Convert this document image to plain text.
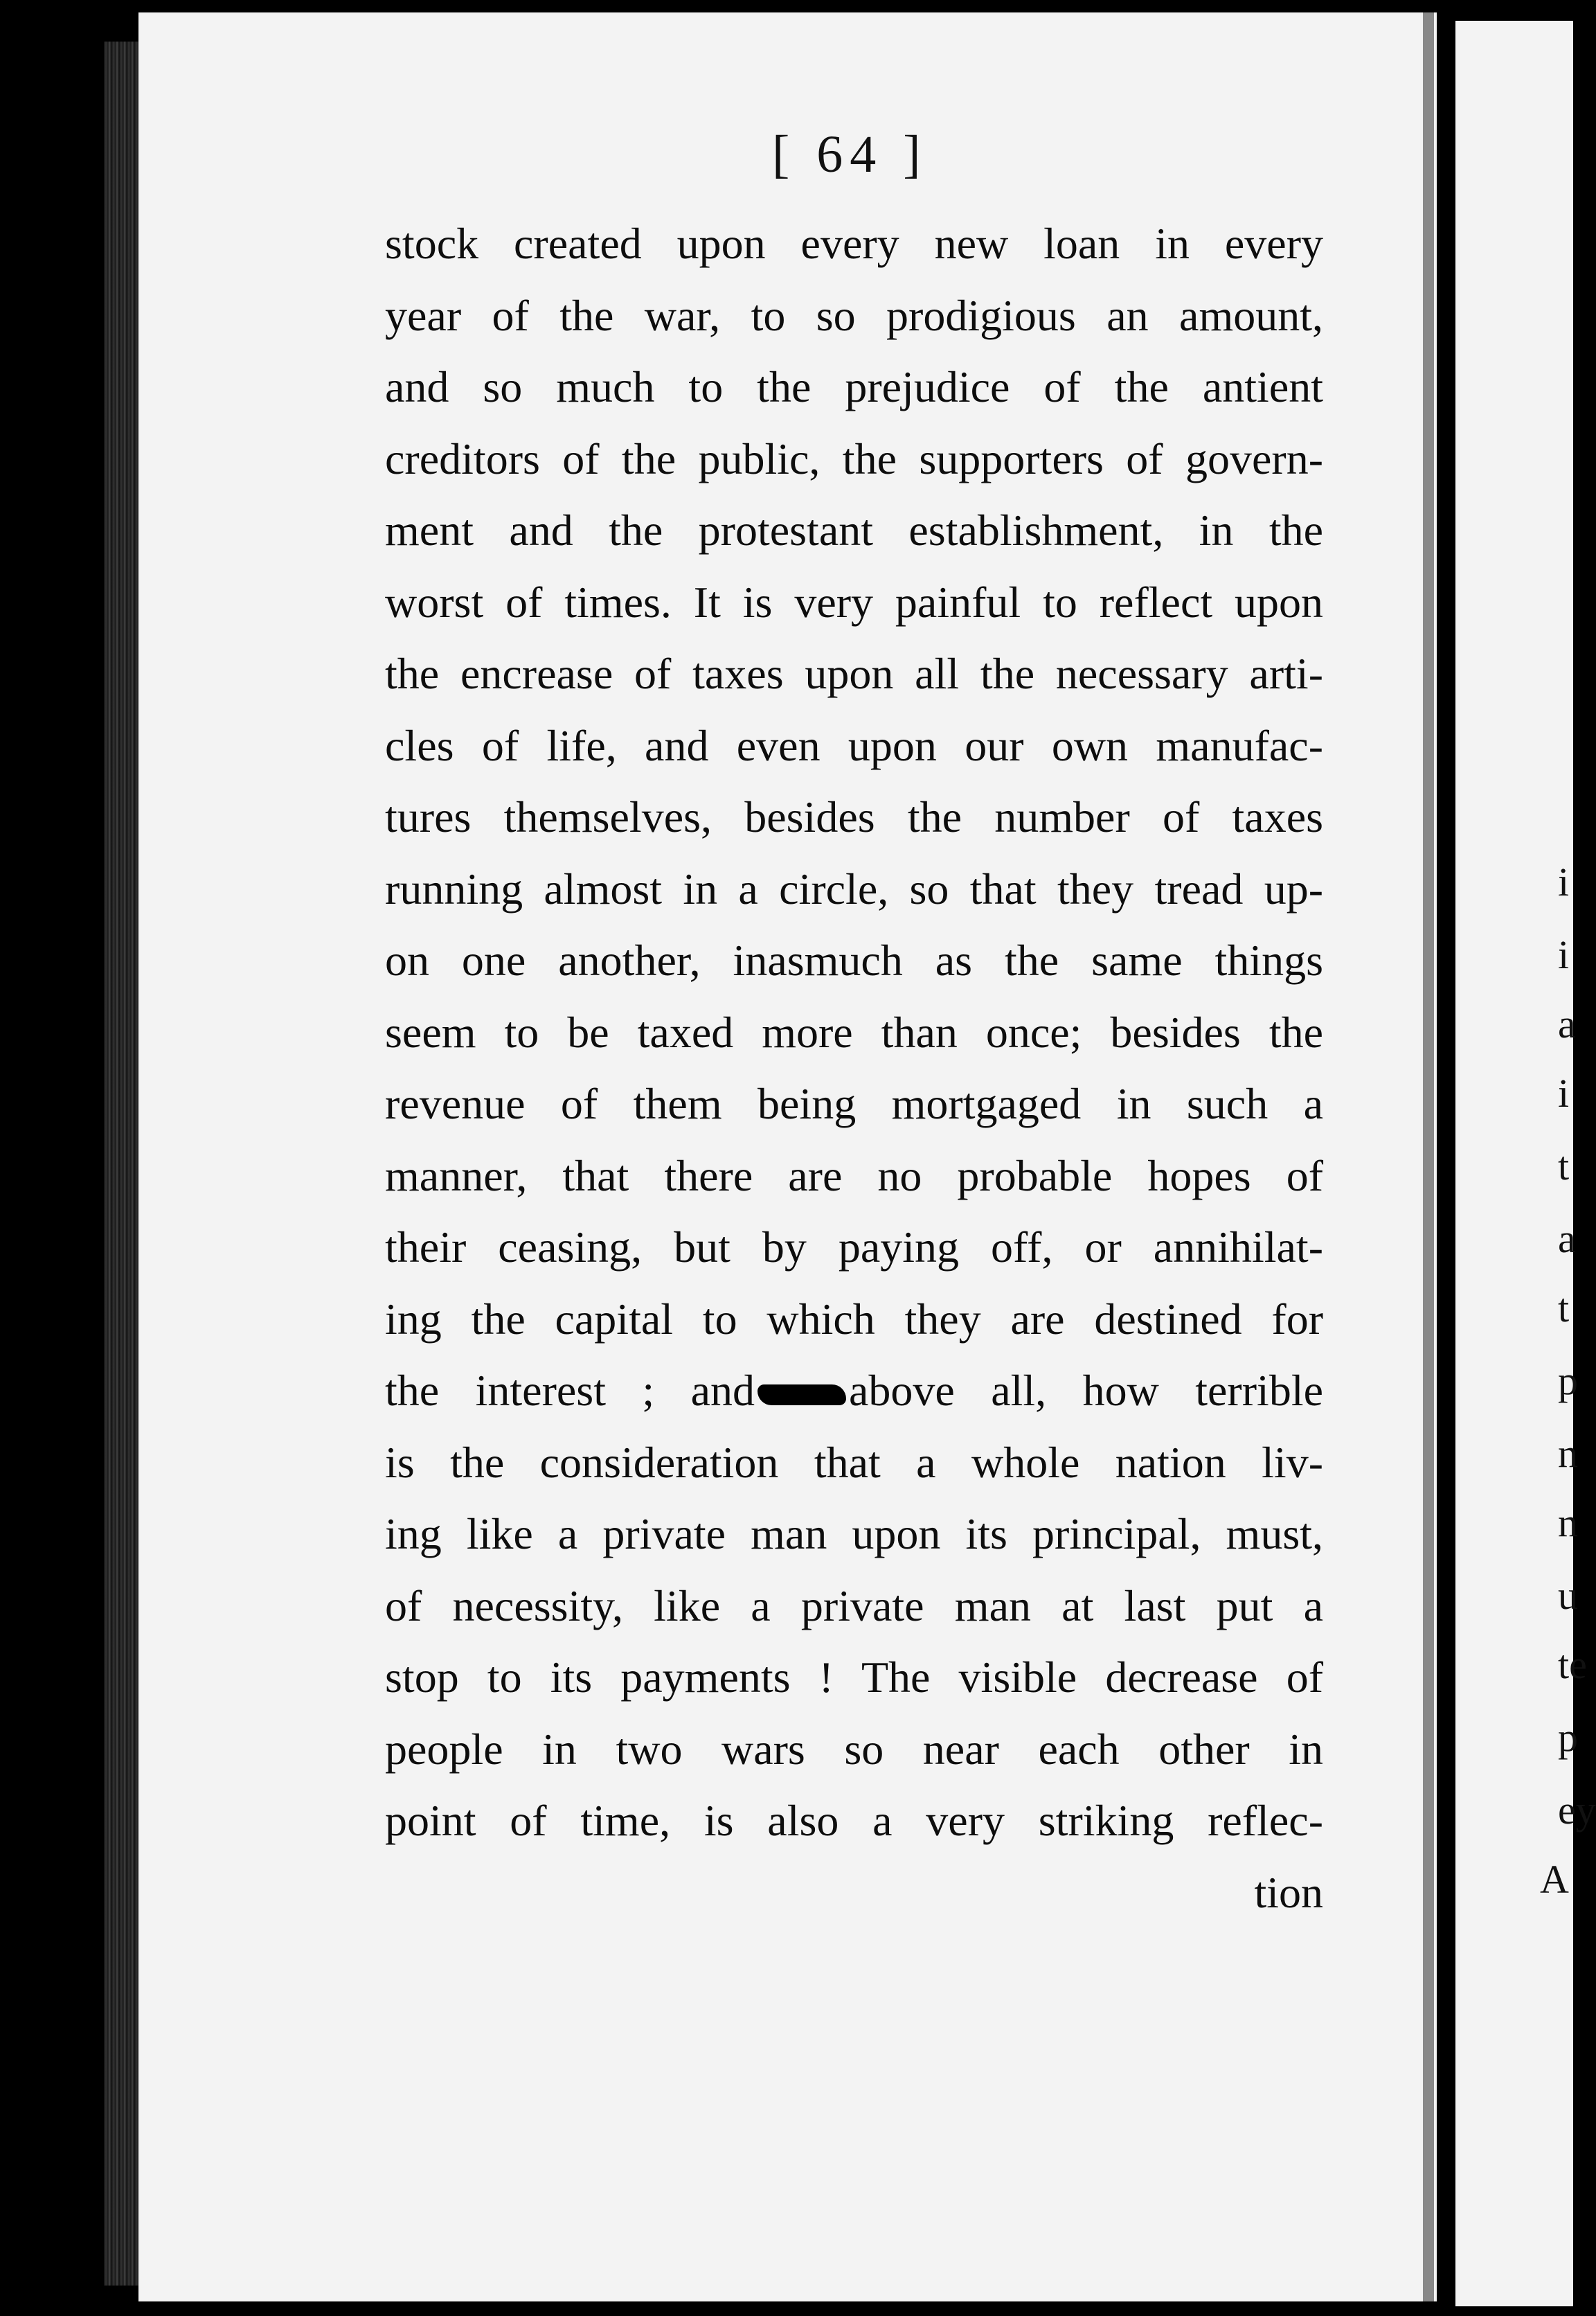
i
i
a
i
t
a
t
p
n
n
u
te
p
ey
A
[ 64 ]
stock created upon every new loan in every
year of the war, to so prodigious an amount,
and so much to the prejudice of the antient
creditors of the public, the supporters of govern-
ment and the protestant establishment, in the
worst of times. It is very painful to reflect upon
the encrease of taxes upon all the necessary arti-
cles of life, and even upon our own manufac-
tures themselves, besides the number of taxes
running almost in a circle, so that they tread up-
on one another, inasmuch as the same things
seem to be taxed more than once; besides the
revenue of them being mortgaged in such a
manner, that there are no probable hopes of
their ceasing, but by paying off, or annihilat-
ing the capital to which they are destined for
the interest ; and above all, how terrible
is the consideration that a whole nation liv-
ing like a private man upon its principal, must,
of necessity, like a private man at last put a
stop to its payments ! The visible decrease of
people in two wars so near each other in
point of time, is also a very striking reflec-
tion
